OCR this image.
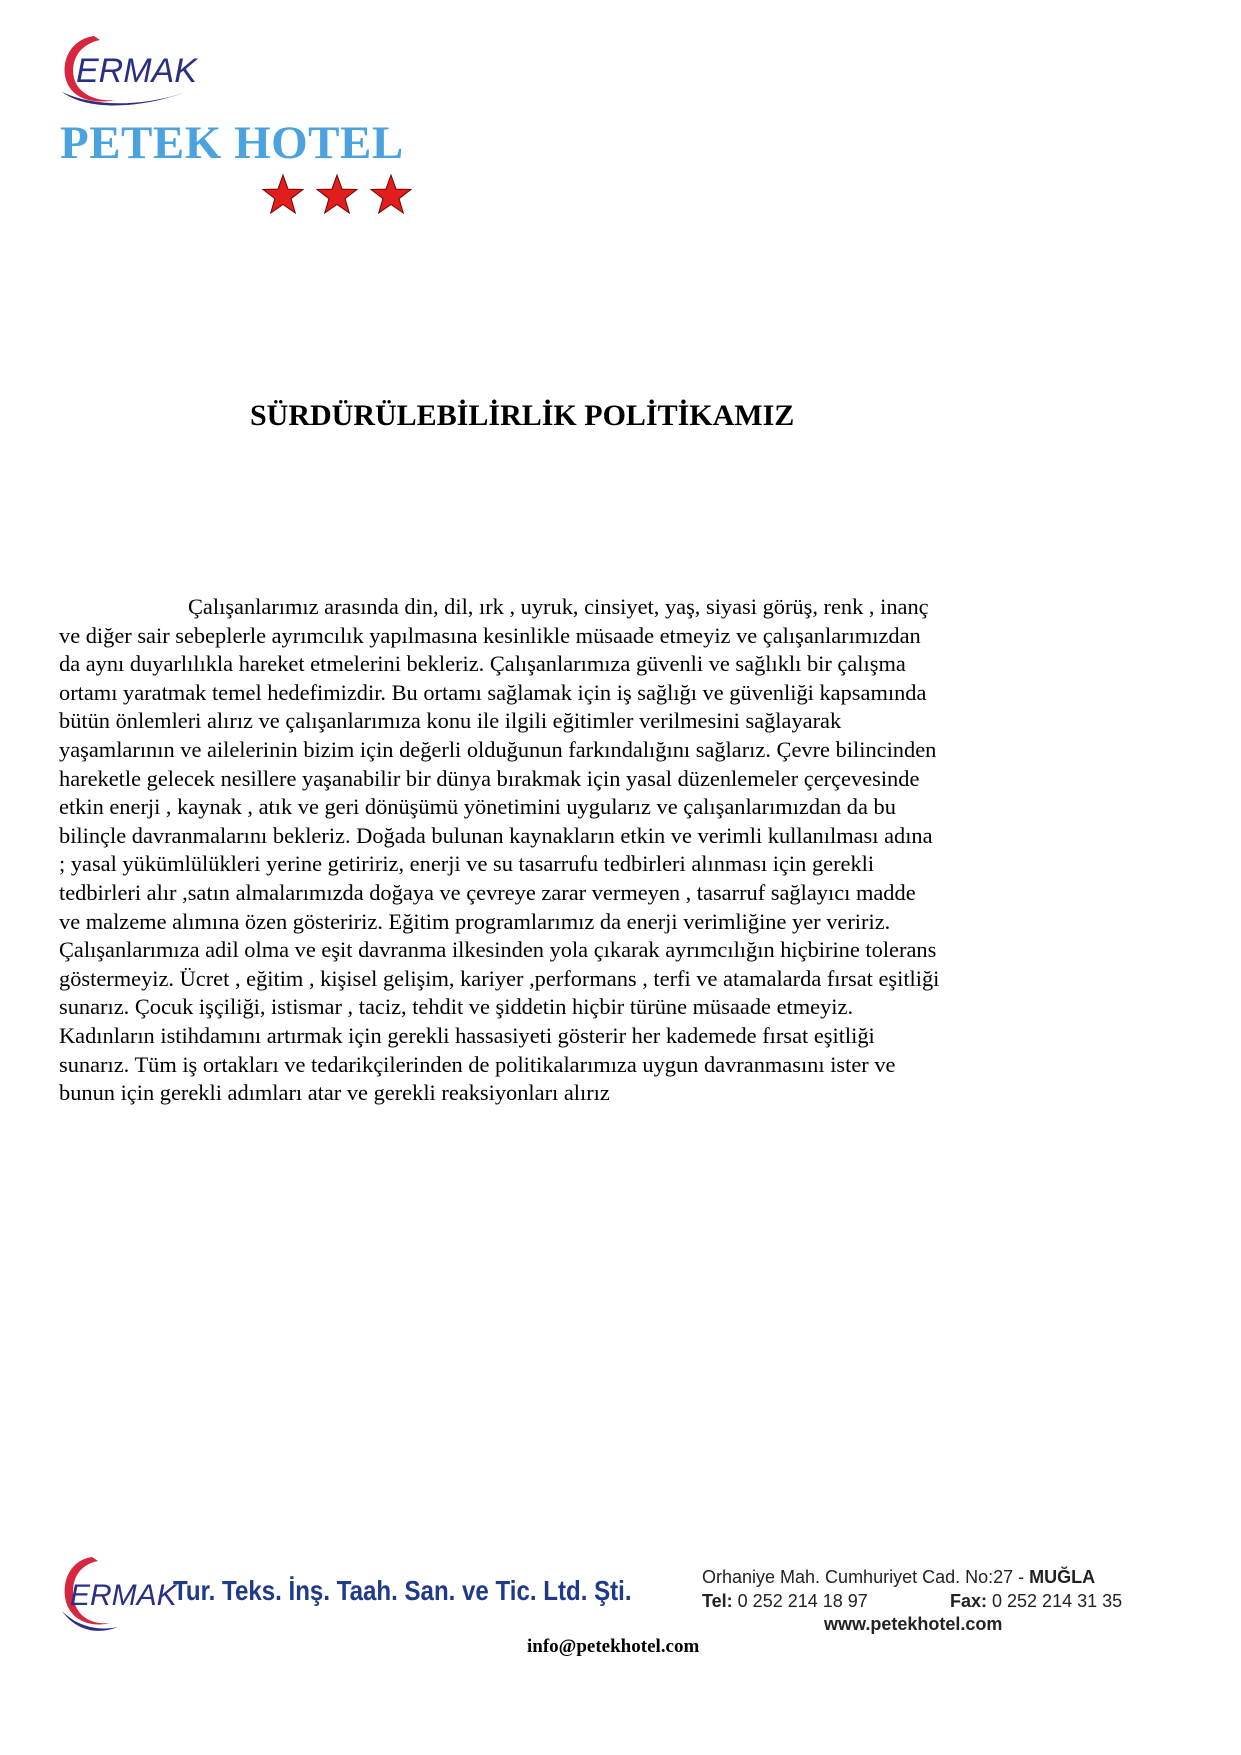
ERMAK
PETEK HOTEL
SÜRDÜRÜLEBİLİRLİK POLİTİKAMIZ
Çalışanlarımız arasında din, dil, ırk , uyruk, cinsiyet, yaş, siyasi görüş, renk , inanç
ve diğer sair sebeplerle ayrımcılık yapılmasına kesinlikle müsaade etmeyiz ve çalışanlarımızdan
da aynı duyarlılıkla hareket etmelerini bekleriz. Çalışanlarımıza güvenli ve sağlıklı bir çalışma
ortamı yaratmak temel hedefimizdir. Bu ortamı sağlamak için iş sağlığı ve güvenliği kapsamında
bütün önlemleri alırız ve çalışanlarımıza konu ile ilgili eğitimler verilmesini sağlayarak
yaşamlarının ve ailelerinin bizim için değerli olduğunun farkındalığını sağlarız. Çevre bilincinden
hareketle gelecek nesillere yaşanabilir bir dünya bırakmak için yasal düzenlemeler çerçevesinde
etkin enerji , kaynak , atık ve geri dönüşümü yönetimini uygularız ve çalışanlarımızdan da bu
bilinçle davranmalarını bekleriz. Doğada bulunan kaynakların etkin ve verimli kullanılması adına
; yasal yükümlülükleri yerine getiririz, enerji ve su tasarrufu tedbirleri alınması için gerekli
tedbirleri alır ,satın almalarımızda doğaya ve çevreye zarar vermeyen , tasarruf sağlayıcı madde
ve malzeme alımına özen gösteririz. Eğitim programlarımız da enerji verimliğine yer veririz.
Çalışanlarımıza adil olma ve eşit davranma ilkesinden yola çıkarak ayrımcılığın hiçbirine tolerans
göstermeyiz. Ücret , eğitim , kişisel gelişim, kariyer ,performans , terfi ve atamalarda fırsat eşitliği
sunarız. Çocuk işçiliği, istismar , taciz, tehdit ve şiddetin hiçbir türüne müsaade etmeyiz.
Kadınların istihdamını artırmak için gerekli hassasiyeti gösterir her kademede fırsat eşitliği
sunarız. Tüm iş ortakları ve tedarikçilerinden de politikalarımıza uygun davranmasını ister ve
bunun için gerekli adımları atar ve gerekli reaksiyonları alırız
ERMAK
Tur. Teks. İnş. Taah. San. ve Tic. Ltd. Şti.	Orhaniye Mah. Cumhuriyet Cad. No:27 - MUĞLA
Tel: 0 252 214 18 97	Fax: 0 252 214 31 35
www.petekhotel.com
info@petekhotel.com
